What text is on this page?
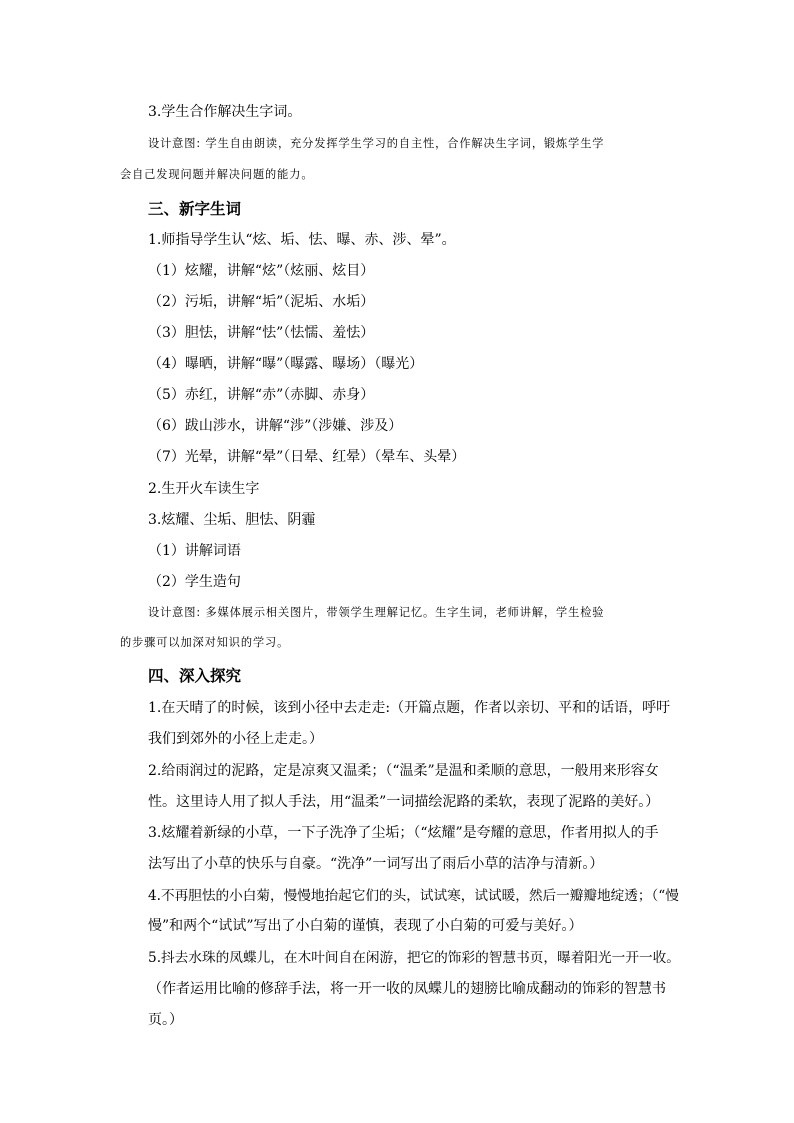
3.学生合作解决生字词。
设计意图: 学生自由朗读，充分发挥学生学习的自主性，合作解决生字词，锻炼学生学
会自己发现问题并解决问题的能力。
三、新字生词
1.师指导学生认“炫、垢、怯、曝、赤、涉、晕”。
（1）炫耀，讲解“炫”（炫丽、炫目）
（2）污垢，讲解“垢”（泥垢、水垢）
（3）胆怯，讲解“怯”（怯懦、羞怯）
（4）曝晒，讲解“曝”（曝露、曝场）（曝光）
（5）赤红，讲解“赤”（赤脚、赤身）
（6）跋山涉水，讲解“涉”（涉嫌、涉及）
（7）光晕，讲解“晕”（日晕、红晕）（晕车、头晕）
2.生开火车读生字
3.炫耀、尘垢、胆怯、阴霾
（1）讲解词语
（2）学生造句
设计意图: 多媒体展示相关图片，带领学生理解记忆。生字生词，老师讲解，学生检验
的步骤可以加深对知识的学习。
四、深入探究
1.在天晴了的时候，该到小径中去走走:（开篇点题，作者以亲切、平和的话语，呼吁
我们到郊外的小径上走走。）
2.给雨润过的泥路，定是凉爽又温柔；（“温柔”是温和柔顺的意思，一般用来形容女
性。这里诗人用了拟人手法，用“温柔”一词描绘泥路的柔软，表现了泥路的美好。）
3.炫耀着新绿的小草，一下子洗净了尘垢；（“炫耀”是夸耀的意思，作者用拟人的手
法写出了小草的快乐与自豪。“洗净”一词写出了雨后小草的洁净与清新。）
4.不再胆怯的小白菊，慢慢地抬起它们的头，试试寒，试试暖，然后一瓣瓣地绽透；（“慢
慢”和两个“试试”写出了小白菊的谨慎，表现了小白菊的可爱与美好。）
5.抖去水珠的凤蝶儿，在木叶间自在闲游，把它的饰彩的智慧书页，曝着阳光一开一收。
（作者运用比喻的修辞手法，将一开一收的凤蝶儿的翅膀比喻成翻动的饰彩的智慧书
页。）
